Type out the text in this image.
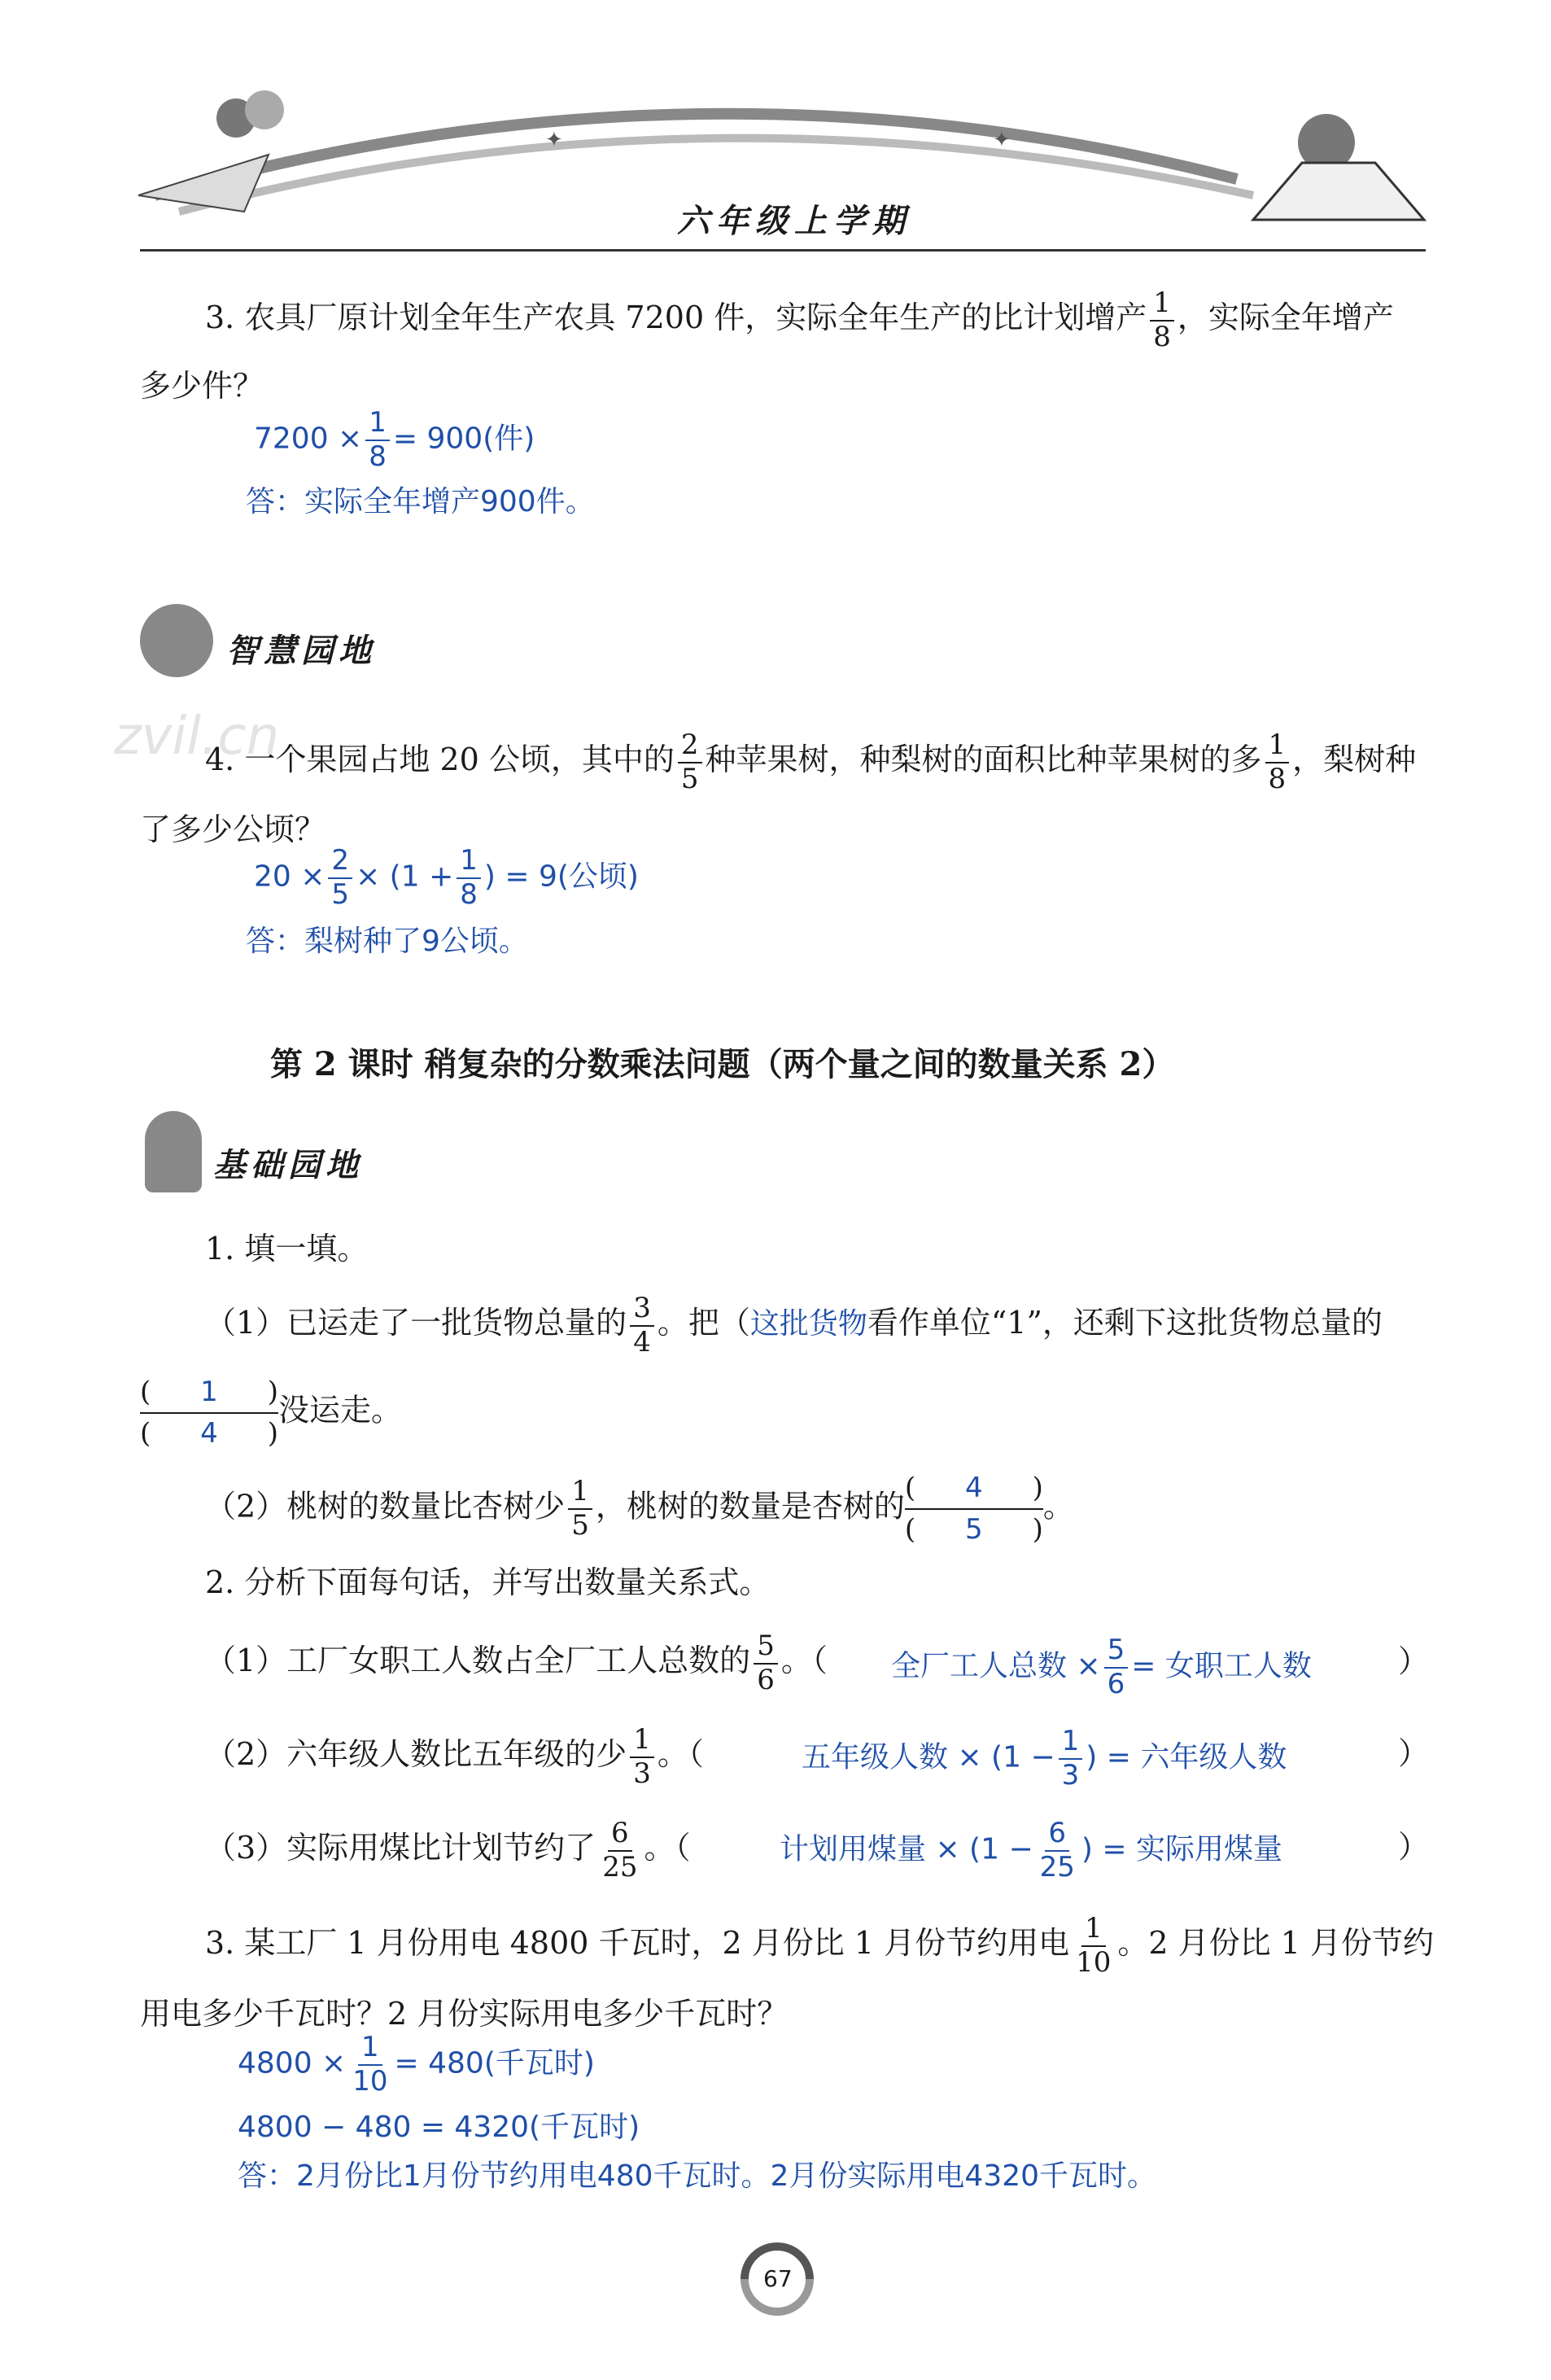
✦	✦
六年级上学期
3. 农具厂原计划全年生产农具 7200 件，实际全年生产的比计划增产 $\frac{1}{8}$ ，实际全年增产
多少件？
$7200 \times \frac{1}{8} = 900$(件)
答：实际全年增产900件。
智慧园地
zvil.cn
4. 一个果园占地 20 公顷，其中的 $\frac{2}{5}$ 种苹果树，种梨树的面积比种苹果树的多 $\frac{1}{8}$ ，梨树种
了多少公顷？
$20 \times \frac{2}{5} \times (1 + \frac{1}{8}$ ) = 9(公顷)
答：梨树种了9公顷。
第 2 课时 稍复杂的分数乘法问题（两个量之间的数量关系 2）
基础园地
1. 填一填。
（1）已运走了一批货物总量的 $\frac{3}{4}$ 。把（这批货物看作单位“1”，还剩下这批货物总量的
$\frac{( 1 )}{( 4 )}$ 没运走。
（2）桃树的数量比杏树少 $\frac{1}{5}$ ，桃树的数量是杏树的 $\frac{( 4 )}{( 5 )}$ 。
2. 分析下面每句话，并写出数量关系式。
（1）工厂女职工人数占全厂工人总数的 $\frac{5}{6}$ 。（ 全厂工人总数 × $\frac{5}{6}$ = 女职工人数	）
（2）六年级人数比五年级的少 $\frac{1}{3}$ 。（	五年级人数 × ($1 - \frac{1}{3}$ ) = 六年级人数	）
（3）实际用煤比计划节约了 $\frac{6}{25}$ 。（	计划用煤量 × ($1 - \frac{6}{25}$ ) = 实际用煤量	）
3. 某工厂 1 月份用电 4800 千瓦时，2 月份比 1 月份节约用电 $\frac{1}{10}$ 。2 月份比 1 月份节约
用电多少千瓦时？2 月份实际用电多少千瓦时？
$4800 \times \frac{1}{10} = 480$(千瓦时)
4800 − 480 = 4320(千瓦时)
答：2月份比1月份节约用电480千瓦时。2月份实际用电4320千瓦时。
67
